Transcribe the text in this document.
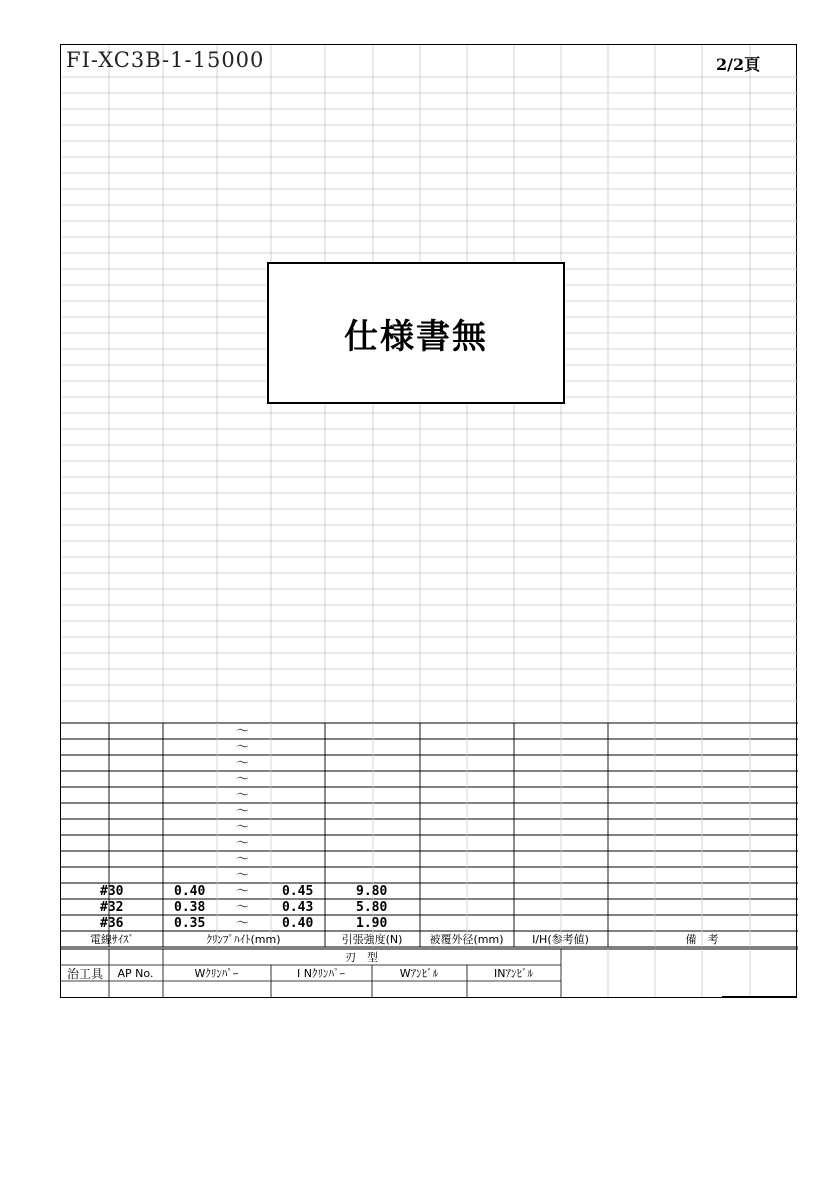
FI-XC3B-1-15000	2/2頁
仕様書無
～
～
～
～
～
～
～
～
～
～
#30	0.40 ～	0.45	9.80
#32	0.38 ～	0.43	5.80
#36	0.35 ～	0.40	1.90
電線ｻｲｽﾞ	ｸﾘﾝﾌﾟﾊｲﾄ(mm)	引張強度(N)	被覆外径(mm)	I/H(参考値)	備　考
刃　型
治工具	AP No.	Wｸﾘﾝﾊﾟｰ	I Nｸﾘﾝﾊﾟｰ	Wｱﾝﾋﾞﾙ	INｱﾝﾋﾞﾙ
